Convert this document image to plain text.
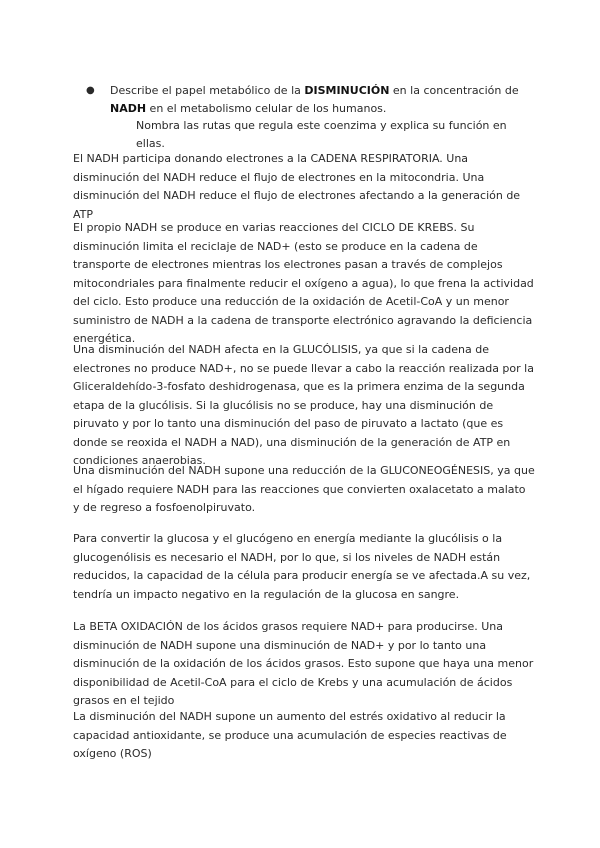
● Describe el papel metabólico de la DISMINUCIÓN en la concentración de NADH en el metabolismo celular de los humanos.
Nombra las rutas que regula este coenzima y explica su función en ellas.

El NADH participa donando electrones a la CADENA RESPIRATORIA. Una disminución del NADH reduce el flujo de electrones en la mitocondria. Una disminución del NADH reduce el flujo de electrones afectando a la generación de ATP

El propio NADH se produce en varias reacciones del CICLO DE KREBS. Su disminución limita el reciclaje de NAD+ (esto se produce en la cadena de transporte de electrones mientras los electrones pasan a través de complejos mitocondriales para finalmente reducir el oxígeno a agua), lo que frena la actividad del ciclo. Esto produce una reducción de la oxidación de Acetil-CoA y un menor suministro de NADH a la cadena de transporte electrónico agravando la deficiencia energética.

Una disminución del NADH afecta en la GLUCÓLISIS, ya que si la cadena de electrones no produce NAD+, no se puede llevar a cabo la reacción realizada por la Gliceraldehído-3-fosfato deshidrogenasa, que es la primera enzima de la segunda etapa de la glucólisis. Si la glucólisis no se produce, hay una disminución de piruvato y por lo tanto una disminución del paso de piruvato a lactato (que es donde se reoxida el NADH a NAD), una disminución de la generación de ATP en condiciones anaerobias.

Una disminución del NADH supone una reducción de la GLUCONEOGÉNESIS, ya que el hígado requiere NADH para las reacciones que convierten oxalacetato a malato y de regreso a fosfoenolpiruvato.

Para convertir la glucosa y el glucógeno en energía mediante la glucólisis o la glucogenólisis es necesario el NADH, por lo que, si los niveles de NADH están reducidos, la capacidad de la célula para producir energía se ve afectada.A su vez, tendría un impacto negativo en la regulación de la glucosa en sangre.

La BETA OXIDACIÓN de los ácidos grasos requiere NAD+ para producirse. Una disminución de NADH supone una disminución de NAD+ y por lo tanto una disminución de la oxidación de los ácidos grasos. Esto supone que haya una menor disponibilidad de Acetil-CoA para el ciclo de Krebs y una acumulación de ácidos grasos en el tejido

La disminución del NADH supone un aumento del estrés oxidativo al reducir la capacidad antioxidante, se produce una acumulación de especies reactivas de oxígeno (ROS)
